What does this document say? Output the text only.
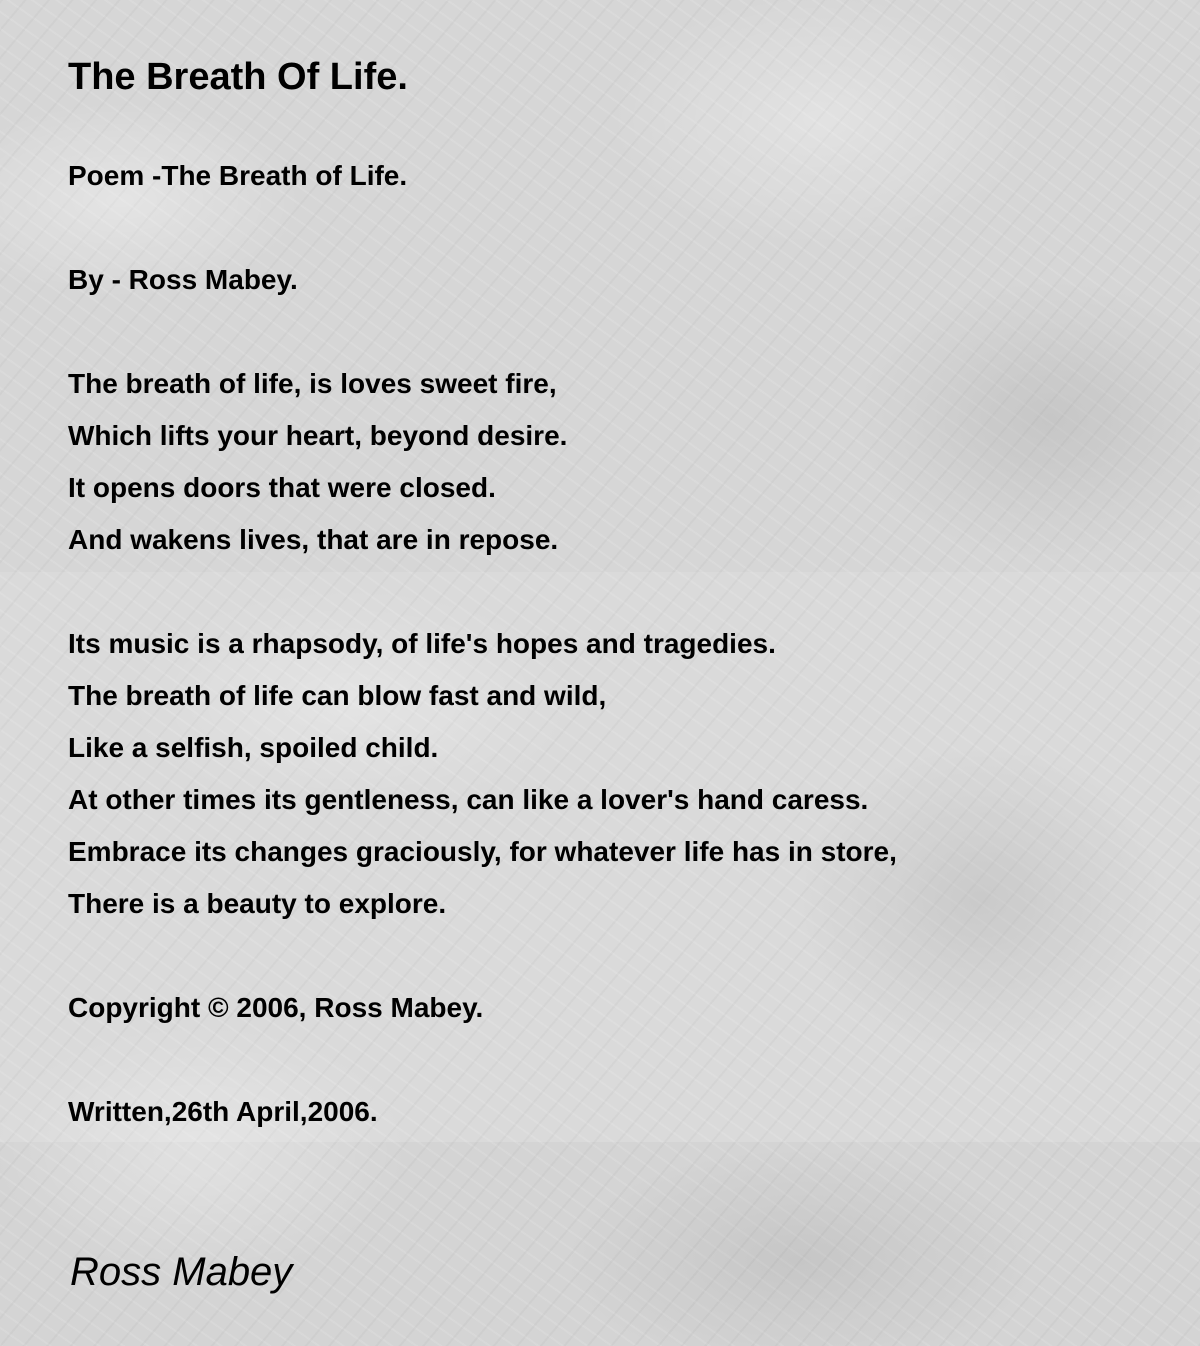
The Breath Of Life.
Poem -The Breath of Life.
By - Ross Mabey.
The breath of life, is loves sweet fire,
Which lifts your heart, beyond desire.
It opens doors that were closed.
And wakens lives, that are in repose.
Its music is a rhapsody, of life's hopes and tragedies.
The breath of life can blow fast and wild,
Like a selfish, spoiled child.
At other times its gentleness, can like a lover's hand caress.
Embrace its changes graciously, for whatever life has in store,
There is a beauty to explore.
Copyright © 2006, Ross Mabey.
Written,26th April,2006.
Ross Mabey
